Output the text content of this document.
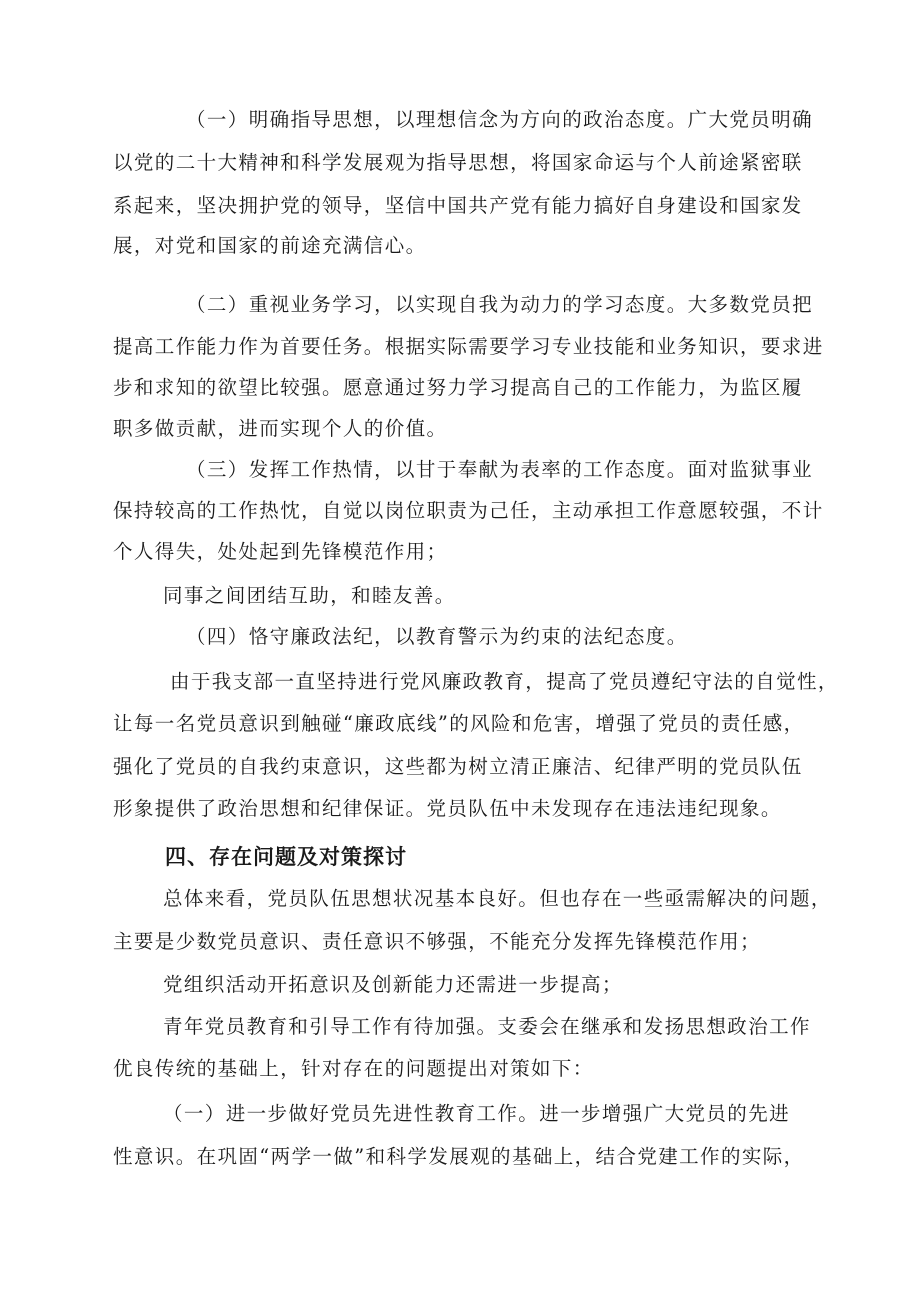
（一）明确指导思想，以理想信念为方向的政治态度。广大党员明确
以党的二十大精神和科学发展观为指导思想，将国家命运与个人前途紧密联
系起来，坚决拥护党的领导，坚信中国共产党有能力搞好自身建设和国家发
展，对党和国家的前途充满信心。
（二）重视业务学习，以实现自我为动力的学习态度。大多数党员把
提高工作能力作为首要任务。根据实际需要学习专业技能和业务知识，要求进
步和求知的欲望比较强。愿意通过努力学习提高自己的工作能力，为监区履
职多做贡献，进而实现个人的价值。
（三）发挥工作热情，以甘于奉献为表率的工作态度。面对监狱事业
保持较高的工作热忱，自觉以岗位职责为己任，主动承担工作意愿较强，不计
个人得失，处处起到先锋模范作用；
同事之间团结互助，和睦友善。
（四）恪守廉政法纪，以教育警示为约束的法纪态度。
由于我支部一直坚持进行党风廉政教育，提高了党员遵纪守法的自觉性，
让每一名党员意识到触碰“廉政底线”的风险和危害，增强了党员的责任感，
强化了党员的自我约束意识，这些都为树立清正廉洁、纪律严明的党员队伍
形象提供了政治思想和纪律保证。党员队伍中未发现存在违法违纪现象。
四、存在问题及对策探讨
总体来看，党员队伍思想状况基本良好。但也存在一些亟需解决的问题，
主要是少数党员意识、责任意识不够强，不能充分发挥先锋模范作用；
党组织活动开拓意识及创新能力还需进一步提高；
青年党员教育和引导工作有待加强。支委会在继承和发扬思想政治工作
优良传统的基础上，针对存在的问题提出对策如下：
（一）进一步做好党员先进性教育工作。进一步增强广大党员的先进
性意识。在巩固“两学一做”和科学发展观的基础上，结合党建工作的实际，
